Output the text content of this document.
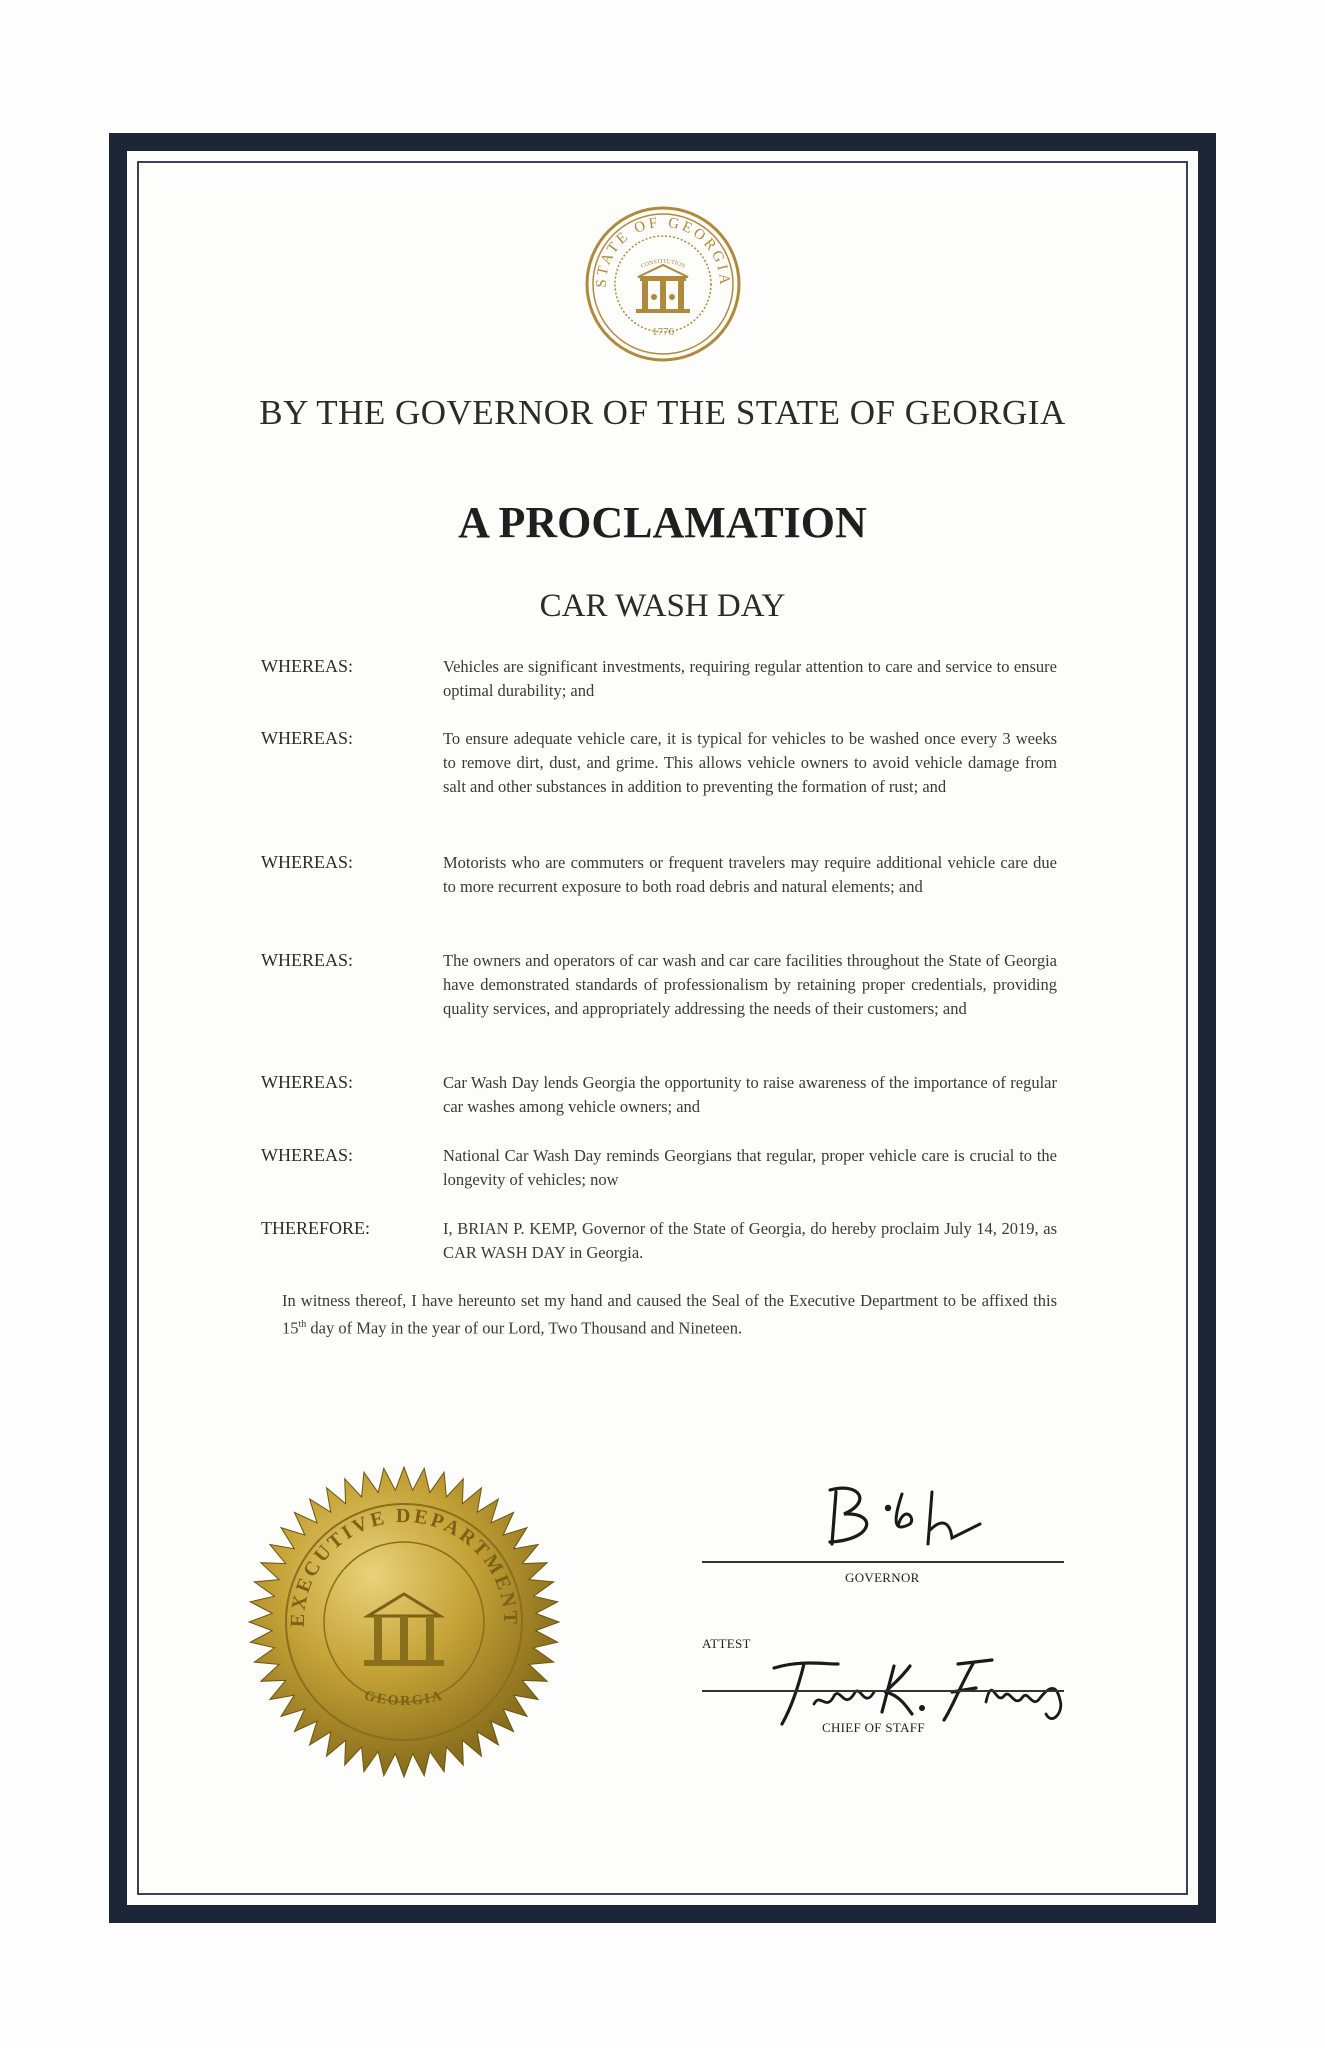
STATE OF GEORGIA
CONSTITUTION
1776
BY THE GOVERNOR OF THE STATE OF GEORGIA
A PROCLAMATION
CAR WASH DAY
WHEREAS:	Vehicles are significant investments, requiring regular attention to care and service to ensure optimal durability; and
WHEREAS:	To ensure adequate vehicle care, it is typical for vehicles to be washed once every 3 weeks to remove dirt, dust, and grime. This allows vehicle owners to avoid vehicle damage from salt and other substances in addition to preventing the formation of rust; and
WHEREAS:	Motorists who are commuters or frequent travelers may require additional vehicle care due to more recurrent exposure to both road debris and natural elements; and
WHEREAS:	The owners and operators of car wash and car care facilities throughout the State of Georgia have demonstrated standards of professionalism by retaining proper credentials, providing quality services, and appropriately addressing the needs of their customers; and
WHEREAS:	Car Wash Day lends Georgia the opportunity to raise awareness of the importance of regular car washes among vehicle owners; and
WHEREAS:	National Car Wash Day reminds Georgians that regular, proper vehicle care is crucial to the longevity of vehicles; now
THEREFORE:	I, BRIAN P. KEMP, Governor of the State of Georgia, do hereby proclaim July 14, 2019, as CAR WASH DAY in Georgia.
In witness thereof, I have hereunto set my hand and caused the Seal of the Executive Department to be affixed this 15th day of May in the year of our Lord, Two Thousand and Nineteen.
EXECUTIVE DEPARTMENT
GEORGIA
GOVERNOR
ATTEST
CHIEF OF STAFF
